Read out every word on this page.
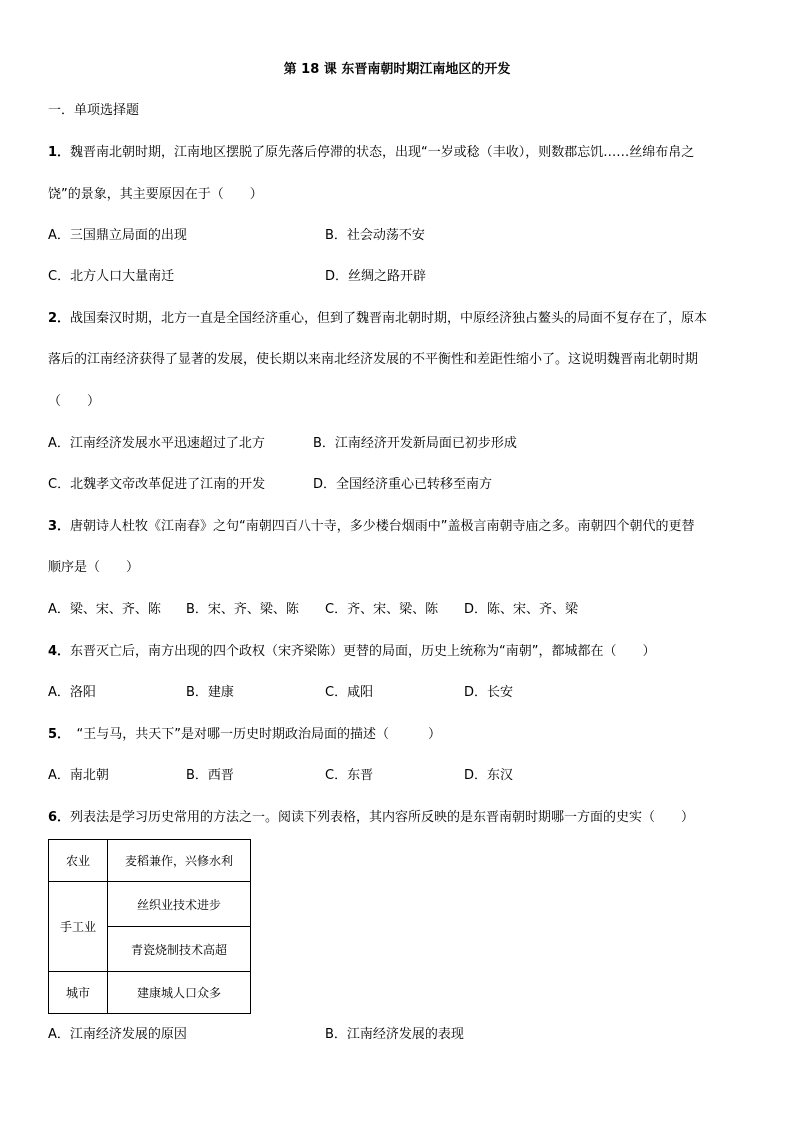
第 18 课 东晋南朝时期江南地区的开发
一．单项选择题
1．魏晋南北朝时期，江南地区摆脱了原先落后停滞的状态，出现“一岁或稔（丰收），则数郡忘饥……丝绵布帛之
饶”的景象，其主要原因在于（　　）
A．三国鼎立局面的出现	B．社会动荡不安
C．北方人口大量南迁	D．丝绸之路开辟
2．战国秦汉时期，北方一直是全国经济重心，但到了魏晋南北朝时期，中原经济独占鳌头的局面不复存在了，原本
落后的江南经济获得了显著的发展，使长期以来南北经济发展的不平衡性和差距性缩小了。这说明魏晋南北朝时期
（　　）
A．江南经济发展水平迅速超过了北方	B．江南经济开发新局面已初步形成
C．北魏孝文帝改革促进了江南的开发	D．全国经济重心已转移至南方
3．唐朝诗人杜牧《江南春》之句“南朝四百八十寺，多少楼台烟雨中”盖极言南朝寺庙之多。南朝四个朝代的更替
顺序是（　　）
A．梁、宋、齐、陈 B．宋、齐、梁、陈 C．齐、宋、梁、陈 D．陈、宋、齐、梁
4．东晋灭亡后，南方出现的四个政权（宋齐梁陈）更替的局面，历史上统称为“南朝”，都城都在（　　）
A．洛阳	B．建康	C．咸阳	D．长安
5．　“王与马，共天下”是对哪一历史时期政治局面的描述（　　　）
A．南北朝	B．西晋	C．东晋	D．东汉
6．列表法是学习历史常用的方法之一。阅读下列表格，其内容所反映的是东晋南朝时期哪一方面的史实（　　）
农业	麦稻兼作，兴修水利
手工业	丝织业技术进步
	青瓷烧制技术高超
城市	建康城人口众多
A．江南经济发展的原因	B．江南经济发展的表现
